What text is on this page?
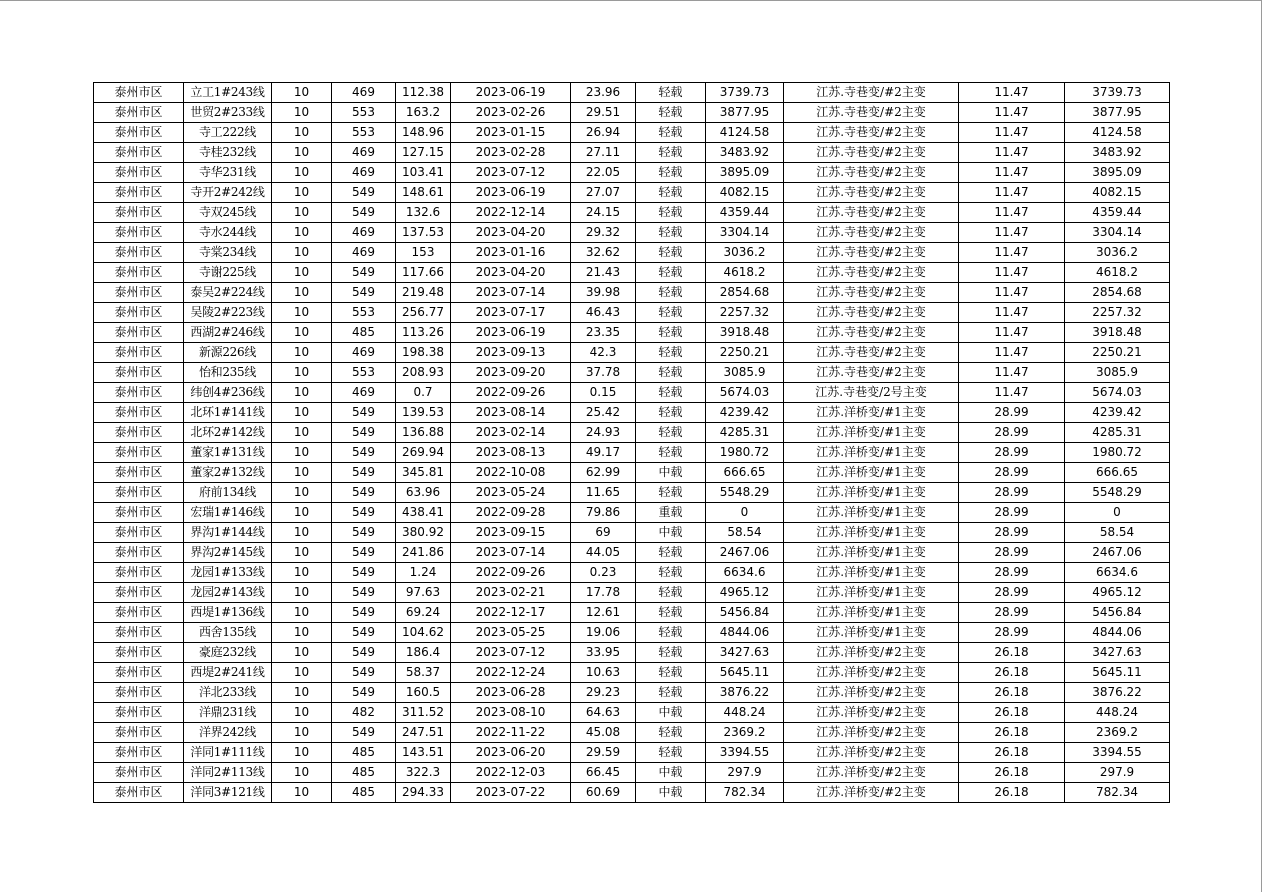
泰州市区	立工1#243线	10	469	112.38	2023-06-19	23.96	轻载	3739.73	江苏.寺巷变/#2主变	11.47	3739.73
泰州市区	世贸2#233线	10	553	163.2	2023-02-26	29.51	轻载	3877.95	江苏.寺巷变/#2主变	11.47	3877.95
泰州市区	寺工222线	10	553	148.96	2023-01-15	26.94	轻载	4124.58	江苏.寺巷变/#2主变	11.47	4124.58
泰州市区	寺桂232线	10	469	127.15	2023-02-28	27.11	轻载	3483.92	江苏.寺巷变/#2主变	11.47	3483.92
泰州市区	寺华231线	10	469	103.41	2023-07-12	22.05	轻载	3895.09	江苏.寺巷变/#2主变	11.47	3895.09
泰州市区	寺开2#242线	10	549	148.61	2023-06-19	27.07	轻载	4082.15	江苏.寺巷变/#2主变	11.47	4082.15
泰州市区	寺双245线	10	549	132.6	2022-12-14	24.15	轻载	4359.44	江苏.寺巷变/#2主变	11.47	4359.44
泰州市区	寺水244线	10	469	137.53	2023-04-20	29.32	轻载	3304.14	江苏.寺巷变/#2主变	11.47	3304.14
泰州市区	寺棠234线	10	469	153	2023-01-16	32.62	轻载	3036.2	江苏.寺巷变/#2主变	11.47	3036.2
泰州市区	寺谢225线	10	549	117.66	2023-04-20	21.43	轻载	4618.2	江苏.寺巷变/#2主变	11.47	4618.2
泰州市区	泰吴2#224线	10	549	219.48	2023-07-14	39.98	轻载	2854.68	江苏.寺巷变/#2主变	11.47	2854.68
泰州市区	吴陵2#223线	10	553	256.77	2023-07-17	46.43	轻载	2257.32	江苏.寺巷变/#2主变	11.47	2257.32
泰州市区	西湖2#246线	10	485	113.26	2023-06-19	23.35	轻载	3918.48	江苏.寺巷变/#2主变	11.47	3918.48
泰州市区	新源226线	10	469	198.38	2023-09-13	42.3	轻载	2250.21	江苏.寺巷变/#2主变	11.47	2250.21
泰州市区	怡和235线	10	553	208.93	2023-09-20	37.78	轻载	3085.9	江苏.寺巷变/#2主变	11.47	3085.9
泰州市区	纬创4#236线	10	469	0.7	2022-09-26	0.15	轻载	5674.03	江苏.寺巷变/2号主变	11.47	5674.03
泰州市区	北环1#141线	10	549	139.53	2023-08-14	25.42	轻载	4239.42	江苏.洋桥变/#1主变	28.99	4239.42
泰州市区	北环2#142线	10	549	136.88	2023-02-14	24.93	轻载	4285.31	江苏.洋桥变/#1主变	28.99	4285.31
泰州市区	董家1#131线	10	549	269.94	2023-08-13	49.17	轻载	1980.72	江苏.洋桥变/#1主变	28.99	1980.72
泰州市区	董家2#132线	10	549	345.81	2022-10-08	62.99	中载	666.65	江苏.洋桥变/#1主变	28.99	666.65
泰州市区	府前134线	10	549	63.96	2023-05-24	11.65	轻载	5548.29	江苏.洋桥变/#1主变	28.99	5548.29
泰州市区	宏瑞1#146线	10	549	438.41	2022-09-28	79.86	重载	0	江苏.洋桥变/#1主变	28.99	0
泰州市区	界沟1#144线	10	549	380.92	2023-09-15	69	中载	58.54	江苏.洋桥变/#1主变	28.99	58.54
泰州市区	界沟2#145线	10	549	241.86	2023-07-14	44.05	轻载	2467.06	江苏.洋桥变/#1主变	28.99	2467.06
泰州市区	龙园1#133线	10	549	1.24	2022-09-26	0.23	轻载	6634.6	江苏.洋桥变/#1主变	28.99	6634.6
泰州市区	龙园2#143线	10	549	97.63	2023-02-21	17.78	轻载	4965.12	江苏.洋桥变/#1主变	28.99	4965.12
泰州市区	西堤1#136线	10	549	69.24	2022-12-17	12.61	轻载	5456.84	江苏.洋桥变/#1主变	28.99	5456.84
泰州市区	西舍135线	10	549	104.62	2023-05-25	19.06	轻载	4844.06	江苏.洋桥变/#1主变	28.99	4844.06
泰州市区	豪庭232线	10	549	186.4	2023-07-12	33.95	轻载	3427.63	江苏.洋桥变/#2主变	26.18	3427.63
泰州市区	西堤2#241线	10	549	58.37	2022-12-24	10.63	轻载	5645.11	江苏.洋桥变/#2主变	26.18	5645.11
泰州市区	洋北233线	10	549	160.5	2023-06-28	29.23	轻载	3876.22	江苏.洋桥变/#2主变	26.18	3876.22
泰州市区	洋鼎231线	10	482	311.52	2023-08-10	64.63	中载	448.24	江苏.洋桥变/#2主变	26.18	448.24
泰州市区	洋界242线	10	549	247.51	2022-11-22	45.08	轻载	2369.2	江苏.洋桥变/#2主变	26.18	2369.2
泰州市区	洋同1#111线	10	485	143.51	2023-06-20	29.59	轻载	3394.55	江苏.洋桥变/#2主变	26.18	3394.55
泰州市区	洋同2#113线	10	485	322.3	2022-12-03	66.45	中载	297.9	江苏.洋桥变/#2主变	26.18	297.9
泰州市区	洋同3#121线	10	485	294.33	2023-07-22	60.69	中载	782.34	江苏.洋桥变/#2主变	26.18	782.34
